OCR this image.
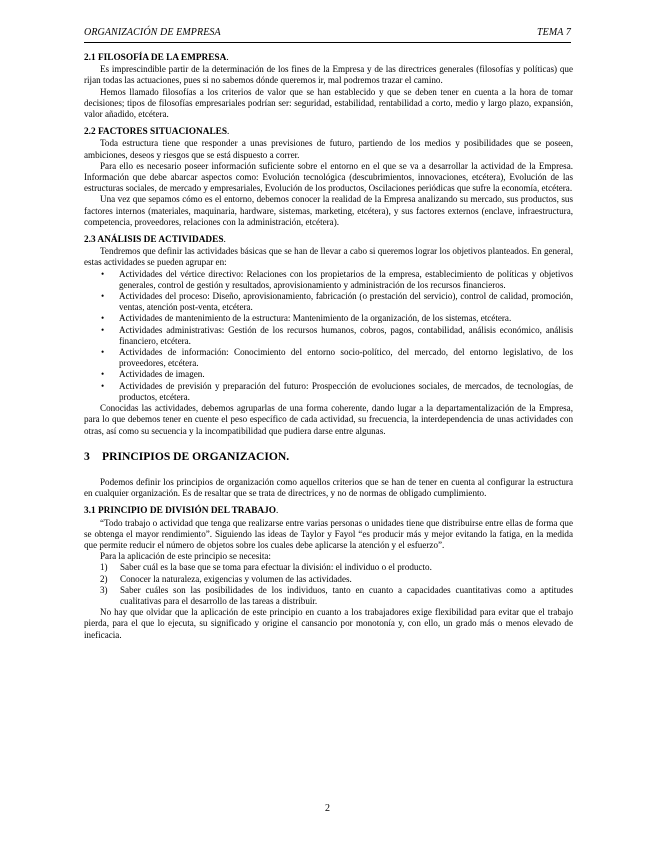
ORGANIZACIÓN DE EMPRESA	TEMA 7
2.1 FILOSOFÍA DE LA EMPRESA.

Es imprescindible partir de la determinación de los fines de la Empresa y de las directrices generales (filosofías y políticas) que rijan todas las actuaciones, pues si no sabemos dónde queremos ir, mal podremos trazar el camino.

Hemos llamado filosofías a los criterios de valor que se han establecido y que se deben tener en cuenta a la hora de tomar decisiones; tipos de filosofías empresariales podrían ser: seguridad, estabilidad, rentabilidad a corto, medio y largo plazo, expansión, valor añadido, etcétera.

2.2 FACTORES SITUACIONALES.

Toda estructura tiene que responder a unas previsiones de futuro, partiendo de los medios y posibilidades que se poseen, ambiciones, deseos y riesgos que se está dispuesto a correr.

Para ello es necesario poseer información suficiente sobre el entorno en el que se va a desarrollar la actividad de la Empresa. Información que debe abarcar aspectos como: Evolución tecnológica (descubrimientos, innovaciones, etcétera), Evolución de las estructuras sociales, de mercado y empresariales, Evolución de los productos, Oscilaciones periódicas que sufre la economía, etcétera.

Una vez que sepamos cómo es el entorno, debemos conocer la realidad de la Empresa analizando su mercado, sus productos, sus factores internos (materiales, maquinaria, hardware, sistemas, marketing, etcétera), y sus factores externos (enclave, infraestructura, competencia, proveedores, relaciones con la administración, etcétera).

2.3 ANÁLISIS DE ACTIVIDADES.

Tendremos que definir las actividades básicas que se han de llevar a cabo si queremos lograr los objetivos planteados. En general, estas actividades se pueden agrupar en:

• Actividades del vértice directivo: Relaciones con los propietarios de la empresa, establecimiento de políticas y objetivos generales, control de gestión y resultados, aprovisionamiento y administración de los recursos financieros.
• Actividades del proceso: Diseño, aprovisionamiento, fabricación (o prestación del servicio), control de calidad, promoción, ventas, atención post-venta, etcétera.
• Actividades de mantenimiento de la estructura: Mantenimiento de la organización, de los sistemas, etcétera.
• Actividades administrativas: Gestión de los recursos humanos, cobros, pagos, contabilidad, análisis económico, análisis financiero, etcétera.
• Actividades de información: Conocimiento del entorno socio-político, del mercado, del entorno legislativo, de los proveedores, etcétera.
• Actividades de imagen.
• Actividades de previsión y preparación del futuro: Prospección de evoluciones sociales, de mercados, de tecnologías, de productos, etcétera.

Conocidas las actividades, debemos agruparlas de una forma coherente, dando lugar a la departamentalización de la Empresa, para lo que debemos tener en cuente el peso específico de cada actividad, su frecuencia, la interdependencia de unas actividades con otras, así como su secuencia y la incompatibilidad que pudiera darse entre algunas.

3 PRINCIPIOS DE ORGANIZACION.

Podemos definir los principios de organización como aquellos criterios que se han de tener en cuenta al configurar la estructura en cualquier organización. Es de resaltar que se trata de directrices, y no de normas de obligado cumplimiento.

3.1 PRINCIPIO DE DIVISIÓN DEL TRABAJO.

“Todo trabajo o actividad que tenga que realizarse entre varias personas o unidades tiene que distribuirse entre ellas de forma que se obtenga el mayor rendimiento”. Siguiendo las ideas de Taylor y Fayol “es producir más y mejor evitando la fatiga, en la medida que permite reducir el número de objetos sobre los cuales debe aplicarse la atención y el esfuerzo”.

Para la aplicación de este principio se necesita:

1) Saber cuál es la base que se toma para efectuar la división: el individuo o el producto.
2) Conocer la naturaleza, exigencias y volumen de las actividades.
3) Saber cuáles son las posibilidades de los individuos, tanto en cuanto a capacidades cuantitativas como a aptitudes cualitativas para el desarrollo de las tareas a distribuir.

No hay que olvidar que la aplicación de este principio en cuanto a los trabajadores exige flexibilidad para evitar que el trabajo pierda, para el que lo ejecuta, su significado y origine el cansancio por monotonía y, con ello, un grado más o menos elevado de ineficacia.

2
